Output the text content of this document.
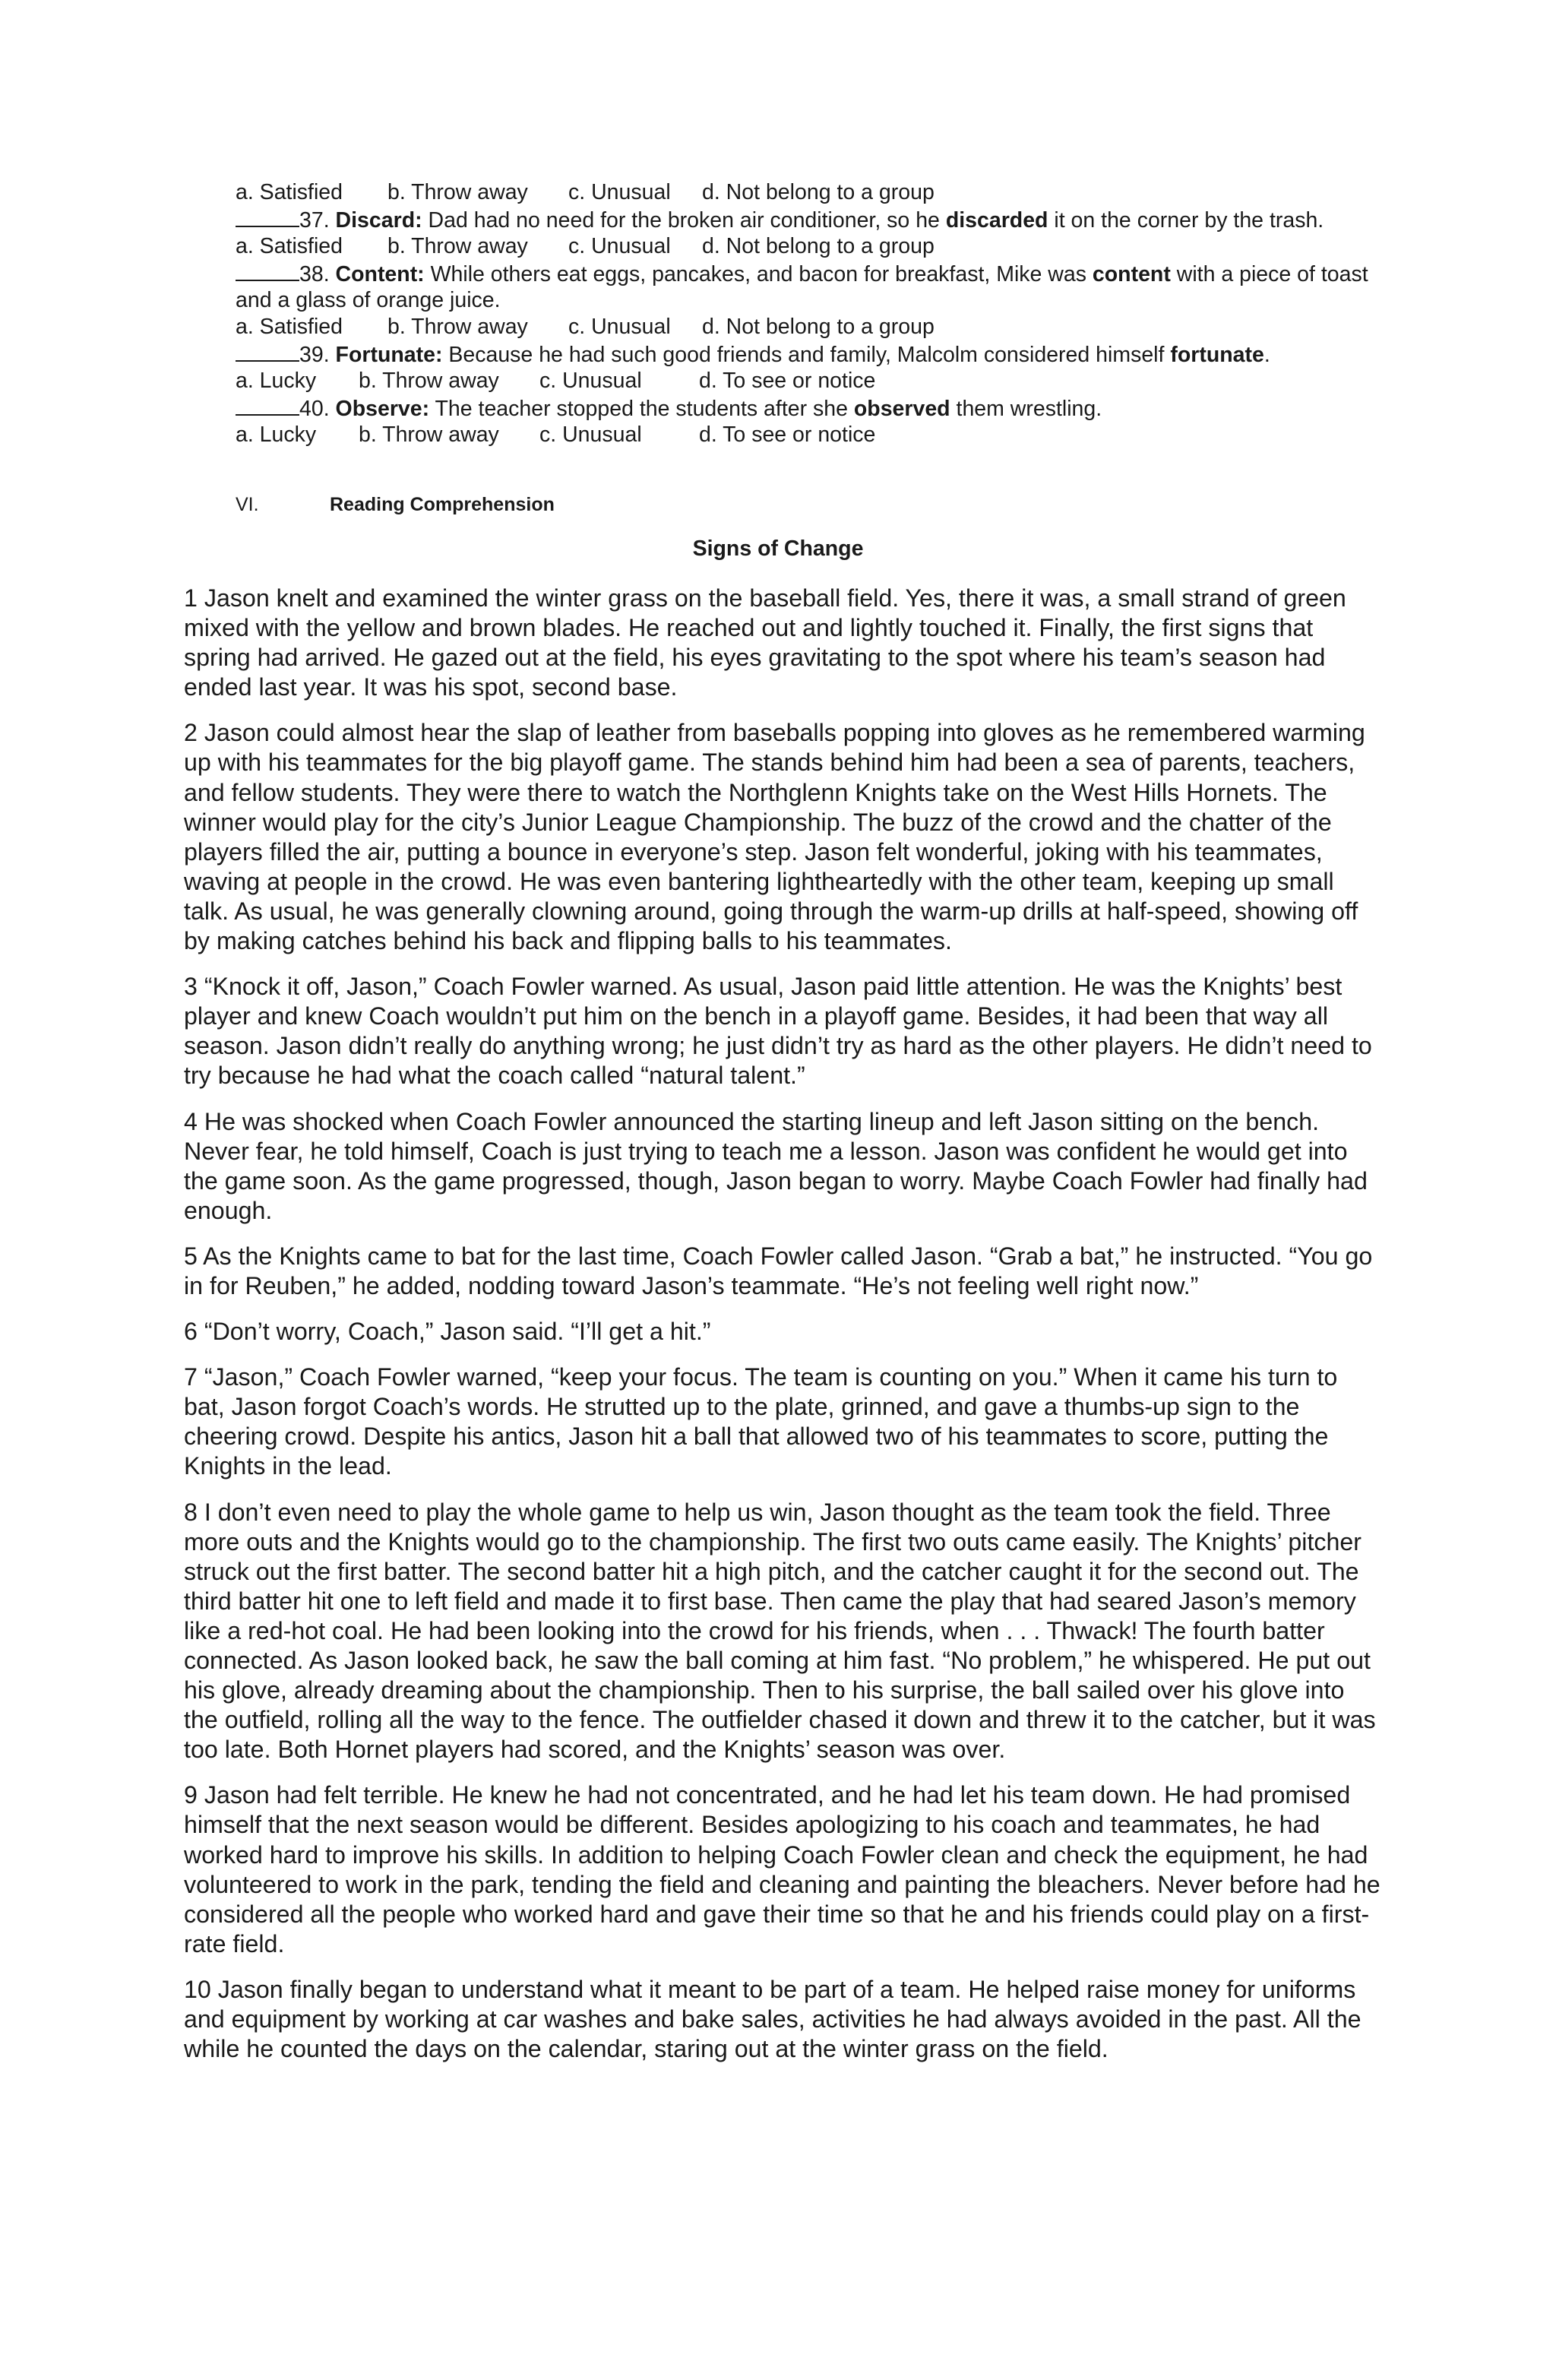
a. Satisfied b. Throw away c. Unusual d. Not belong to a group
37. Discard: Dad had no need for the broken air conditioner, so he discarded it on the corner by the trash.
a. Satisfied b. Throw away c. Unusual d. Not belong to a group
38. Content: While others eat eggs, pancakes, and bacon for breakfast, Mike was content with a piece of toast and a glass of orange juice.
a. Satisfied b. Throw away c. Unusual d. Not belong to a group
39. Fortunate: Because he had such good friends and family, Malcolm considered himself fortunate.
a. Lucky b. Throw away c. Unusual	d. To see or notice
40. Observe: The teacher stopped the students after she observed them wrestling.
a. Lucky b. Throw away c. Unusual	d. To see or notice
VI.	Reading Comprehension
Signs of Change

1 Jason knelt and examined the winter grass on the baseball field. Yes, there it was, a small strand of green mixed with the yellow and brown blades. He reached out and lightly touched it. Finally, the first signs that spring had arrived. He gazed out at the field, his eyes gravitating to the spot where his team’s season had ended last year. It was his spot, second base.

2 Jason could almost hear the slap of leather from baseballs popping into gloves as he remembered warming up with his teammates for the big playoff game. The stands behind him had been a sea of parents, teachers, and fellow students. They were there to watch the Northglenn Knights take on the West Hills Hornets. The winner would play for the city’s Junior League Championship. The buzz of the crowd and the chatter of the players filled the air, putting a bounce in everyone’s step. Jason felt wonderful, joking with his teammates, waving at people in the crowd. He was even bantering lightheartedly with the other team, keeping up small talk. As usual, he was generally clowning around, going through the warm-up drills at half-speed, showing off by making catches behind his back and flipping balls to his teammates.

3 “Knock it off, Jason,” Coach Fowler warned. As usual, Jason paid little attention. He was the Knights’ best player and knew Coach wouldn’t put him on the bench in a playoff game. Besides, it had been that way all season. Jason didn’t really do anything wrong; he just didn’t try as hard as the other players. He didn’t need to try because he had what the coach called “natural talent.”

4 He was shocked when Coach Fowler announced the starting lineup and left Jason sitting on the bench. Never fear, he told himself, Coach is just trying to teach me a lesson. Jason was confident he would get into the game soon. As the game progressed, though, Jason began to worry. Maybe Coach Fowler had finally had enough.

5 As the Knights came to bat for the last time, Coach Fowler called Jason. “Grab a bat,” he instructed. “You go in for Reuben,” he added, nodding toward Jason’s teammate. “He’s not feeling well right now.”

6 “Don’t worry, Coach,” Jason said. “I’ll get a hit.”

7 “Jason,” Coach Fowler warned, “keep your focus. The team is counting on you.” When it came his turn to bat, Jason forgot Coach’s words. He strutted up to the plate, grinned, and gave a thumbs-up sign to the cheering crowd. Despite his antics, Jason hit a ball that allowed two of his teammates to score, putting the Knights in the lead.

8 I don’t even need to play the whole game to help us win, Jason thought as the team took the field. Three more outs and the Knights would go to the championship. The first two outs came easily. The Knights’ pitcher struck out the first batter. The second batter hit a high pitch, and the catcher caught it for the second out. The third batter hit one to left field and made it to first base. Then came the play that had seared Jason’s memory like a red-hot coal. He had been looking into the crowd for his friends, when . . . Thwack! The fourth batter connected. As Jason looked back, he saw the ball coming at him fast. “No problem,” he whispered. He put out his glove, already dreaming about the championship. Then to his surprise, the ball sailed over his glove into the outfield, rolling all the way to the fence. The outfielder chased it down and threw it to the catcher, but it was too late. Both Hornet players had scored, and the Knights’ season was over.

9 Jason had felt terrible. He knew he had not concentrated, and he had let his team down. He had promised himself that the next season would be different. Besides apologizing to his coach and teammates, he had worked hard to improve his skills. In addition to helping Coach Fowler clean and check the equipment, he had volunteered to work in the park, tending the field and cleaning and painting the bleachers. Never before had he considered all the people who worked hard and gave their time so that he and his friends could play on a first-rate field.

10 Jason finally began to understand what it meant to be part of a team. He helped raise money for uniforms and equipment by working at car washes and bake sales, activities he had always avoided in the past. All the while he counted the days on the calendar, staring out at the winter grass on the field.
